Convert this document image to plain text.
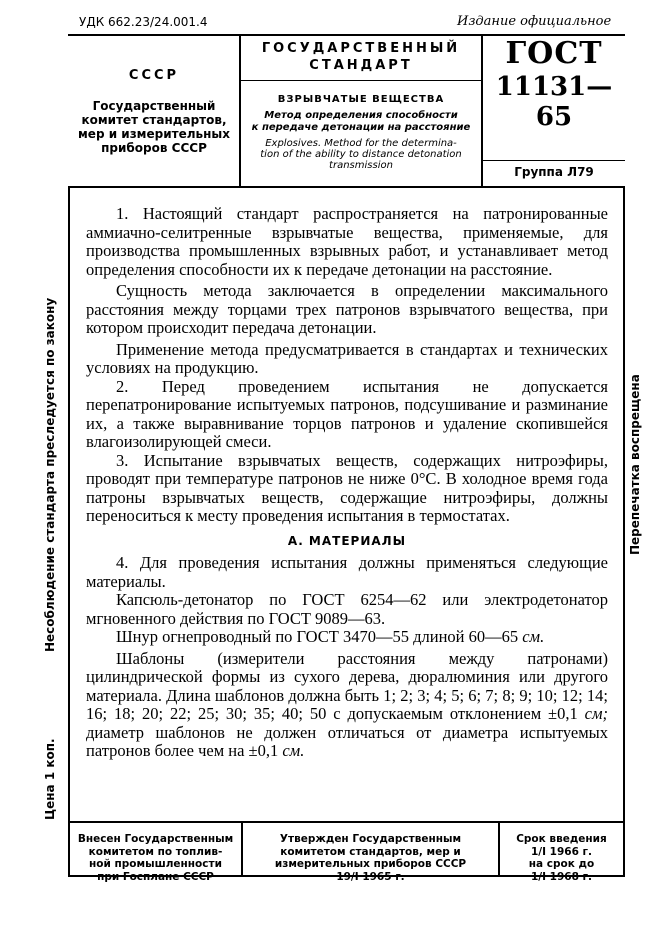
УДК 662.23/24.001.4	Издание официальное
СССР
Государственный
комитет стандартов,
мер и измерительных
приборов СССР
ГОСУДАРСТВЕННЫЙ
СТАНДАРТ
ВЗРЫВЧАТЫЕ ВЕЩЕСТВА
Метод определения способности
к передаче детонации на расстояние
Explosives. Method for the determina-
tion of the ability to distance detonation
transmission
ГОСТ
11131—65
Группа Л79

1. Настоящий стандарт распространяется на патронированные аммиачно-селитренные взрывчатые вещества, применяемые, для производства промышленных взрывных работ, и устанавливает метод определения способности их к передаче детонации на расстояние.

Сущность метода заключается в определении максимального расстояния между торцами трех патронов взрывчатого вещества, при котором происходит передача детонации.

Применение метода предусматривается в стандартах и технических условиях на продукцию.

2. Перед проведением испытания не допускается перепатронирование испытуемых патронов, подсушивание и разминание их, а также выравнивание торцов патронов и удаление скопившейся влагоизолирующей смеси.

3. Испытание взрывчатых веществ, содержащих нитроэфиры, проводят при температуре патронов не ниже 0°С. В холодное время года патроны взрывчатых веществ, содержащие нитроэфиры, должны переноситься к месту проведения испытания в термостатах.

А. МАТЕРИАЛЫ

4. Для проведения испытания должны применяться следующие материалы.

Капсюль-детонатор по ГОСТ 6254—62 или электродетонатор мгновенного действия по ГОСТ 9089—63.

Шнур огнепроводный по ГОСТ 3470—55 длиной 60—65 см.

Шаблоны (измерители расстояния между патронами) цилиндрической формы из сухого дерева, дюралюминия или другого материала. Длина шаблонов должна быть 1; 2; 3; 4; 5; 6; 7; 8; 9; 10; 12; 14; 16; 18; 20; 22; 25; 30; 35; 40; 50 с допускаемым отклонением ±0,1 см; диаметр шаблонов не должен отличаться от диаметра испытуемых патронов более чем на ±0,1 см.

Несоблюдение стандарта преследуется по закону
Цена 1 коп.
Перепечатка воспрещена
Внесен Государственным
комитетом по топлив-
ной промышленности
при Госплане СССР
Утвержден Государственным
комитетом стандартов, мер и
измерительных приборов СССР
19/I 1965 г.
Срок введения
1/I 1966 г.
на срок до
1/I 1968 г.
